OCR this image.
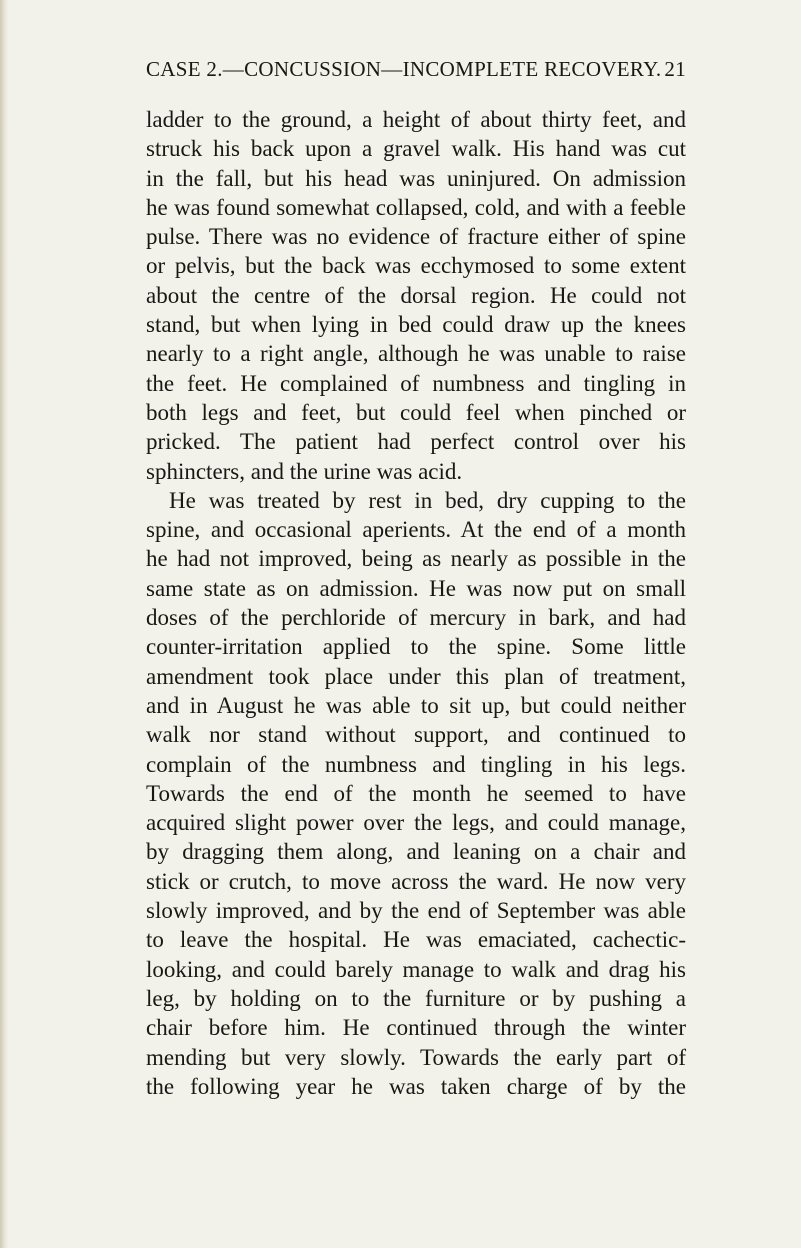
CASE 2.—CONCUSSION—INCOMPLETE RECOVERY. 21
ladder to the ground, a height of about thirty feet, and
struck his back upon a gravel walk. His hand was cut
in the fall, but his head was uninjured. On admission
he was found somewhat collapsed, cold, and with a feeble
pulse. There was no evidence of fracture either of spine
or pelvis, but the back was ecchymosed to some extent
about the centre of the dorsal region. He could not
stand, but when lying in bed could draw up the knees
nearly to a right angle, although he was unable to raise
the feet. He complained of numbness and tingling in
both legs and feet, but could feel when pinched or
pricked. The patient had perfect control over his
sphincters, and the urine was acid.
He was treated by rest in bed, dry cupping to the
spine, and occasional aperients. At the end of a month
he had not improved, being as nearly as possible in the
same state as on admission. He was now put on small
doses of the perchloride of mercury in bark, and had
counter-irritation applied to the spine. Some little
amendment took place under this plan of treatment,
and in August he was able to sit up, but could neither
walk nor stand without support, and continued to
complain of the numbness and tingling in his legs.
Towards the end of the month he seemed to have
acquired slight power over the legs, and could manage,
by dragging them along, and leaning on a chair and
stick or crutch, to move across the ward. He now very
slowly improved, and by the end of September was able
to leave the hospital. He was emaciated, cachectic-
looking, and could barely manage to walk and drag his
leg, by holding on to the furniture or by pushing a
chair before him. He continued through the winter
mending but very slowly. Towards the early part of
the following year he was taken charge of by the
